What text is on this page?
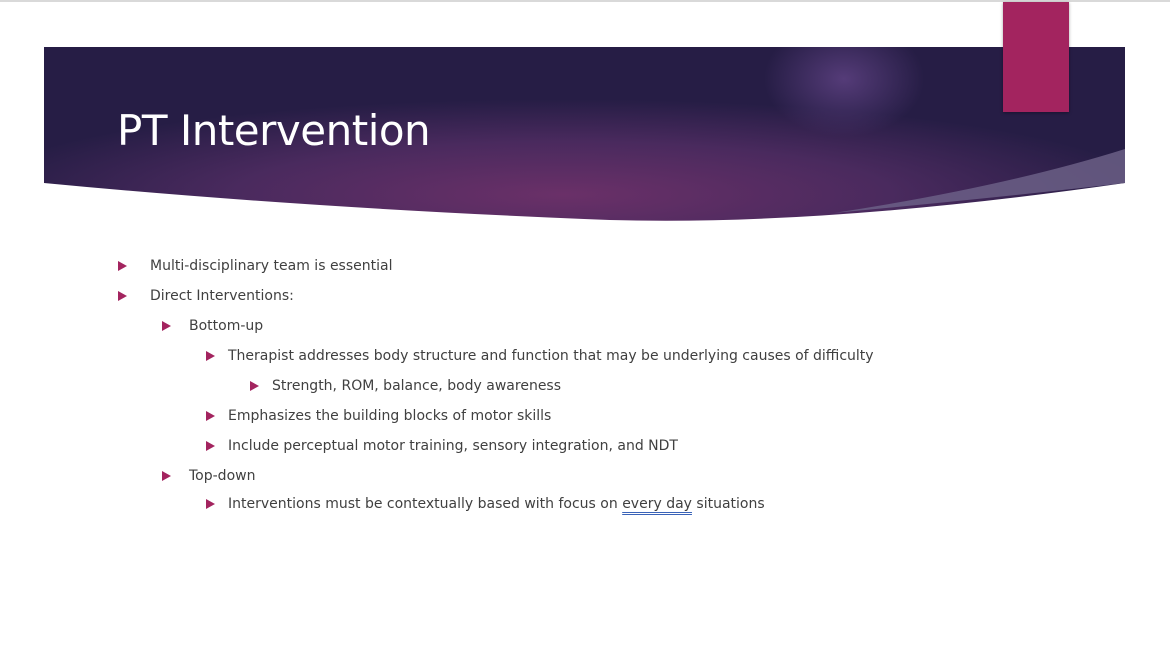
PT Intervention
Multi-disciplinary team is essential
Direct Interventions:
Bottom-up
Therapist addresses body structure and function that may be underlying causes of difficulty
Strength, ROM, balance, body awareness
Emphasizes the building blocks of motor skills
Include perceptual motor training, sensory integration, and NDT
Top-down
Interventions must be contextually based with focus on every day situations
